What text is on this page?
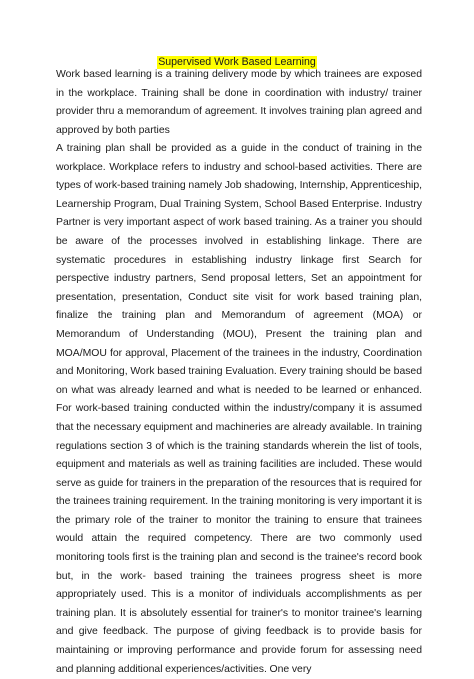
Supervised Work Based Learning

Work based learning is a training delivery mode by which trainees are exposed in the workplace. Training shall be done in coordination with industry/ trainer provider thru a memorandum of agreement. It involves training plan agreed and approved by both parties

A training plan shall be provided as a guide in the conduct of training in the workplace. Workplace refers to industry and school-based activities. There are types of work-based training namely Job shadowing, Internship, Apprenticeship, Learnership Program, Dual Training System, School Based Enterprise. Industry Partner is very important aspect of work based training. As a trainer you should be aware of the processes involved in establishing linkage. There are systematic procedures in establishing industry linkage first Search for perspective industry partners, Send proposal letters, Set an appointment for presentation, presentation, Conduct site visit for work based training plan, finalize the training plan and Memorandum of agreement (MOA) or Memorandum of Understanding (MOU), Present the training plan and MOA/MOU for approval, Placement of the trainees in the industry, Coordination and Monitoring, Work based training Evaluation. Every training should be based on what was already learned and what is needed to be learned or enhanced. For work-based training conducted within the industry/company it is assumed that the necessary equipment and machineries are already available. In training regulations section 3 of which is the training standards wherein the list of tools, equipment and materials as well as training facilities are included. These would serve as guide for trainers in the preparation of the resources that is required for the trainees training requirement. In the training monitoring is very important it is the primary role of the trainer to monitor the training to ensure that trainees would attain the required competency. There are two commonly used monitoring tools first is the training plan and second is the trainee's record book but, in the work- based training the trainees progress sheet is more appropriately used. This is a monitor of individuals accomplishments as per training plan. It is absolutely essential for trainer's to monitor trainee's learning and give feedback. The purpose of giving feedback is to provide basis for maintaining or improving performance and provide forum for assessing need and planning additional experiences/activities. One very
